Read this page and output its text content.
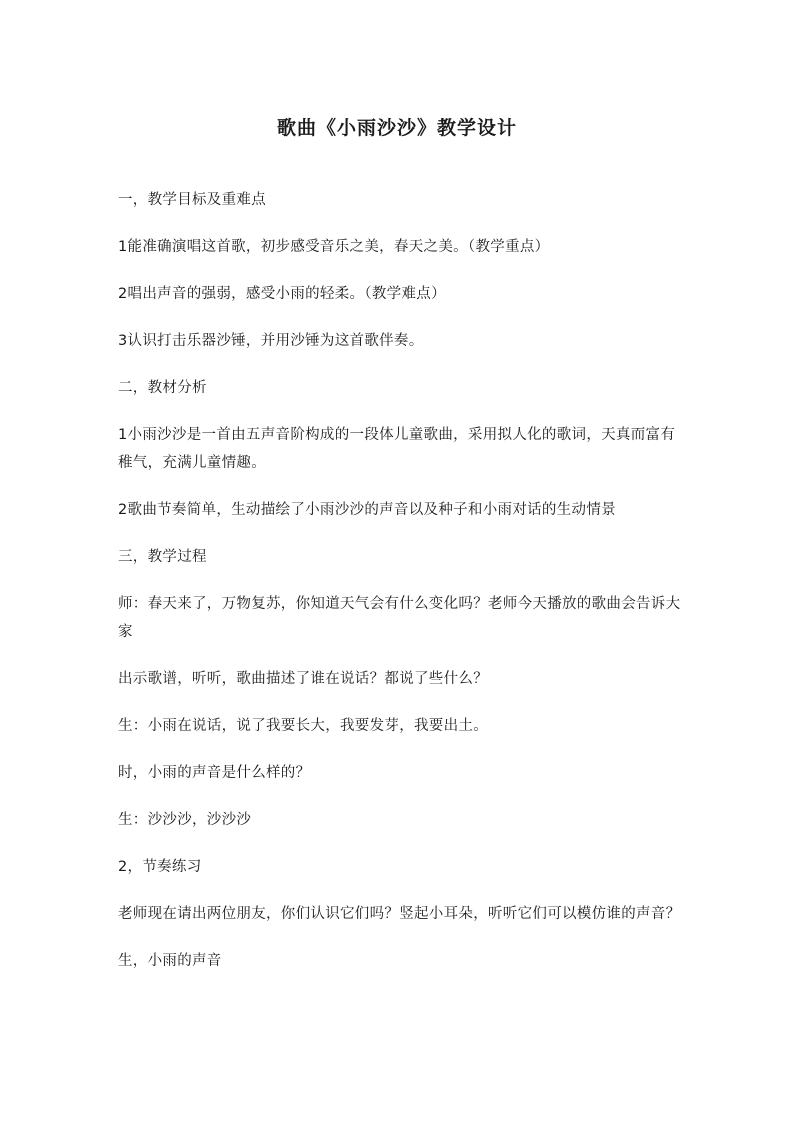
歌曲《小雨沙沙》教学设计

一，教学目标及重难点

1能准确演唱这首歌，初步感受音乐之美，春天之美。（教学重点）

2唱出声音的强弱，感受小雨的轻柔。（教学难点）

3认识打击乐器沙锤，并用沙锤为这首歌伴奏。

二，教材分析

1小雨沙沙是一首由五声音阶构成的一段体儿童歌曲，采用拟人化的歌词，天真而富有稚气，充满儿童情趣。

2歌曲节奏简单，生动描绘了小雨沙沙的声音以及种子和小雨对话的生动情景

三，教学过程

师：春天来了，万物复苏，你知道天气会有什么变化吗？老师今天播放的歌曲会告诉大家

出示歌谱，听听，歌曲描述了谁在说话？都说了些什么？

生：小雨在说话，说了我要长大，我要发芽，我要出土。

时，小雨的声音是什么样的？

生：沙沙沙，沙沙沙

2，节奏练习

老师现在请出两位朋友，你们认识它们吗？竖起小耳朵，听听它们可以模仿谁的声音？

生，小雨的声音
